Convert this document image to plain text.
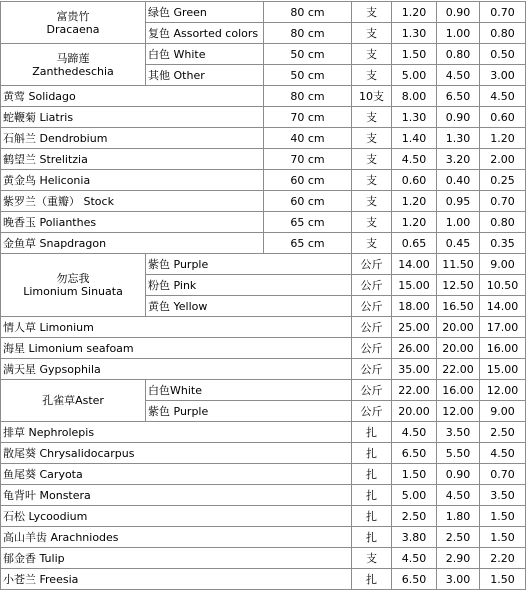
富贵竹
Dracaena	绿色 Green	80 cm	支	1.20	0.90	0.70
	复色 Assorted colors	80 cm	支	1.30	1.00	0.80

马蹄莲
Zanthedeschia	白色 White	50 cm	支	1.50	0.80	0.50
	其他 Other	50 cm	支	5.00	4.50	3.00
黄莺 Solidago		80 cm	10支	8.00	6.50	4.50
蛇鞭菊 Liatris		70 cm	支	1.30	0.90	0.60
石斛兰 Dendrobium		40 cm	支	1.40	1.30	1.20
鹤望兰 Strelitzia		70 cm	支	4.50	3.20	2.00
黄金鸟 Heliconia		60 cm	支	0.60	0.40	0.25
紫罗兰（重瓣） Stock		60 cm	支	1.20	0.95	0.70
晚香玉 Polianthes		65 cm	支	1.20	1.00	0.80
金鱼草 Snapdragon		65 cm	支	0.65	0.45	0.35

勿忘我
Limonium Sinuata	紫色 Purple		公斤	14.00	11.50	9.00
	粉色 Pink		公斤	15.00	12.50	10.50
	黄色 Yellow		公斤	18.00	16.50	14.00
情人草 Limonium			公斤	25.00	20.00	17.00
海星 Limonium seafoam			公斤	26.00	20.00	16.00
满天星 Gypsophila			公斤	35.00	22.00	15.00

孔雀草Aster	白色White		公斤	22.00	16.00	12.00
	紫色 Purple		公斤	20.00	12.00	9.00
排草 Nephrolepis			扎	4.50	3.50	2.50
散尾葵 Chrysalidocarpus			扎	6.50	5.50	4.50
鱼尾葵 Caryota			扎	1.50	0.90	0.70
龟背叶 Monstera			扎	5.00	4.50	3.50
石松 Lycoodium			扎	2.50	1.80	1.50
高山羊齿 Arachniodes			扎	3.80	2.50	1.50
郁金香 Tulip			支	4.50	2.90	2.20
小苍兰 Freesia			扎	6.50	3.00	1.50
